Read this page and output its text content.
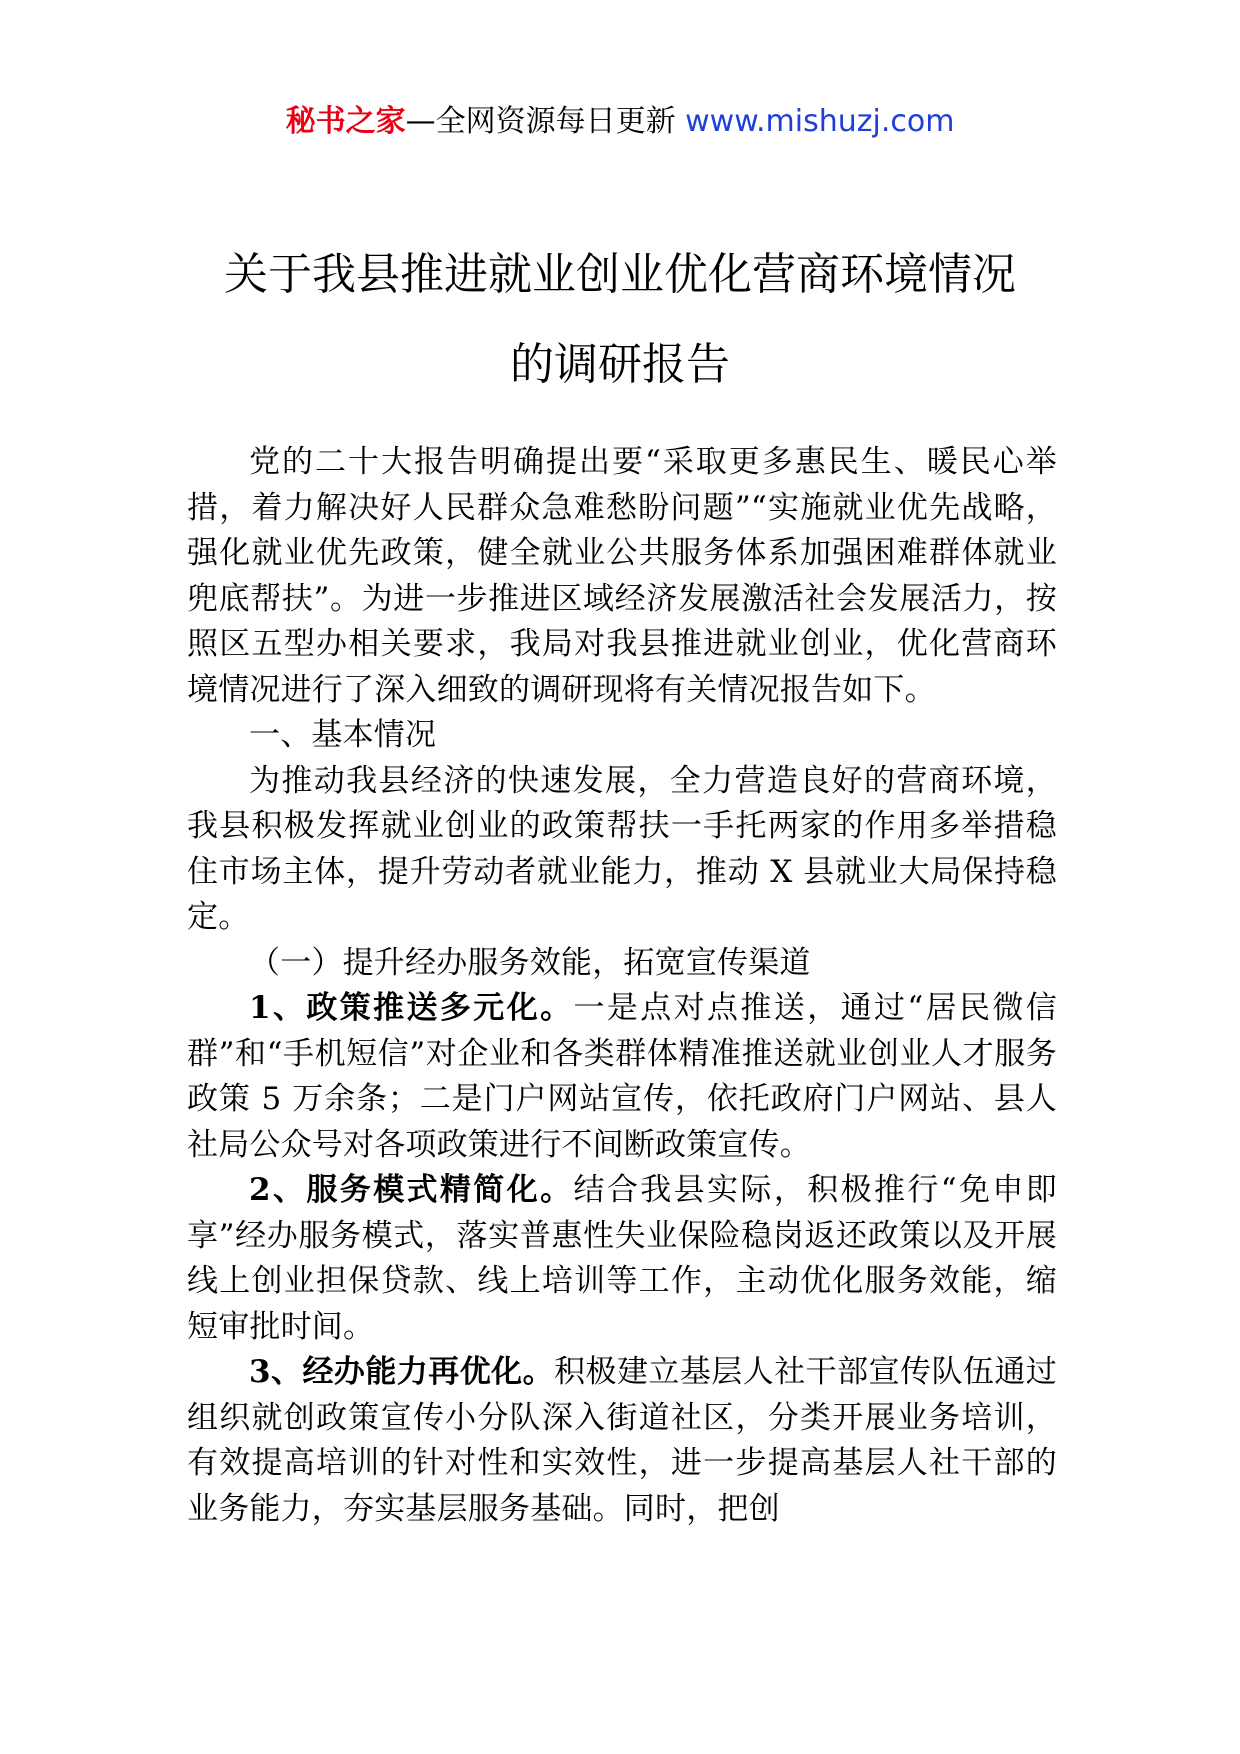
秘书之家—全网资源每日更新 www.mishuzj.com
关于我县推进就业创业优化营商环境情况
的调研报告

党的二十大报告明确提出要“采取更多惠民生、暖民心举措，着力解决好人民群众急难愁盼问题”“实施就业优先战略，强化就业优先政策，健全就业公共服务体系加强困难群体就业兜底帮扶”。为进一步推进区域经济发展激活社会发展活力，按照区五型办相关要求，我局对我县推进就业创业，优化营商环境情况进行了深入细致的调研现将有关情况报告如下。

一、基本情况

为推动我县经济的快速发展，全力营造良好的营商环境，我县积极发挥就业创业的政策帮扶一手托两家的作用多举措稳住市场主体，提升劳动者就业能力，推动 X 县就业大局保持稳定。

（一）提升经办服务效能，拓宽宣传渠道

1、政策推送多元化。一是点对点推送，通过“居民微信群”和“手机短信”对企业和各类群体精准推送就业创业人才服务政策 5 万余条；二是门户网站宣传，依托政府门户网站、县人社局公众号对各项政策进行不间断政策宣传。

2、服务模式精简化。结合我县实际，积极推行“免申即享”经办服务模式，落实普惠性失业保险稳岗返还政策以及开展线上创业担保贷款、线上培训等工作，主动优化服务效能，缩短审批时间。

3、经办能力再优化。积极建立基层人社干部宣传队伍通过组织就创政策宣传小分队深入街道社区，分类开展业务培训，有效提高培训的针对性和实效性，进一步提高基层人社干部的业务能力，夯实基层服务基础。同时，把创
